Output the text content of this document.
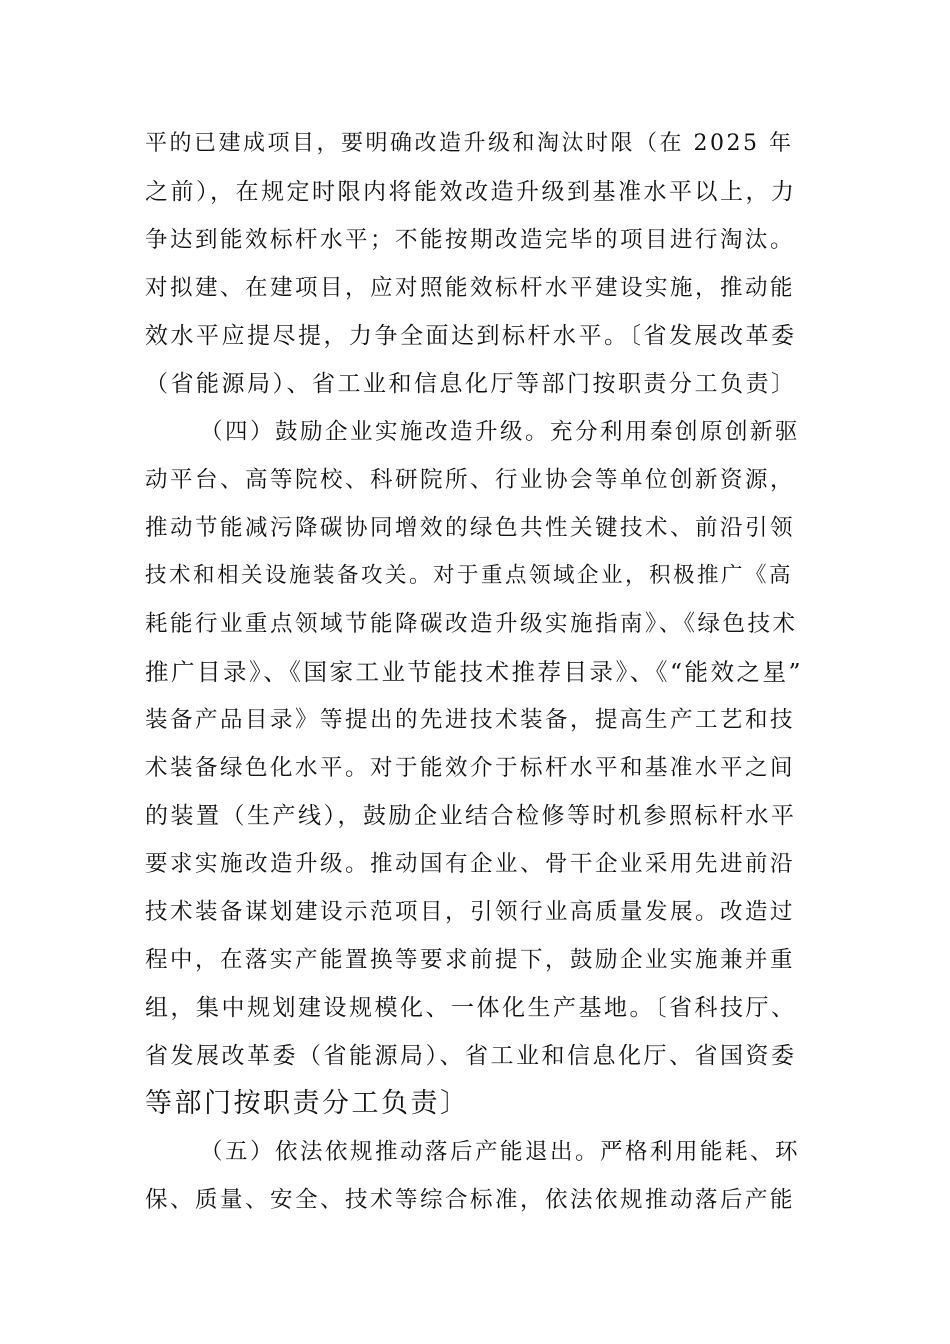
平的已建成项目，要明确改造升级和淘汰时限（在 2025 年
之前），在规定时限内将能效改造升级到基准水平以上，力
争达到能效标杆水平；不能按期改造完毕的项目进行淘汰。
对拟建、在建项目，应对照能效标杆水平建设实施，推动能
效水平应提尽提，力争全面达到标杆水平。〔省发展改革委
（省能源局）、省工业和信息化厅等部门按职责分工负责〕
（四）鼓励企业实施改造升级。充分利用秦创原创新驱
动平台、高等院校、科研院所、行业协会等单位创新资源，
推动节能减污降碳协同增效的绿色共性关键技术、前沿引领
技术和相关设施装备攻关。对于重点领域企业，积极推广《高
耗能行业重点领域节能降碳改造升级实施指南》、《绿色技术
推广目录》、《国家工业节能技术推荐目录》、《“能效之星”
装备产品目录》等提出的先进技术装备，提高生产工艺和技
术装备绿色化水平。对于能效介于标杆水平和基准水平之间
的装置（生产线），鼓励企业结合检修等时机参照标杆水平
要求实施改造升级。推动国有企业、骨干企业采用先进前沿
技术装备谋划建设示范项目，引领行业高质量发展。改造过
程中，在落实产能置换等要求前提下，鼓励企业实施兼并重
组，集中规划建设规模化、一体化生产基地。〔省科技厅、
省发展改革委（省能源局）、省工业和信息化厅、省国资委
等部门按职责分工负责〕
（五）依法依规推动落后产能退出。严格利用能耗、环
保、质量、安全、技术等综合标准，依法依规推动落后产能
